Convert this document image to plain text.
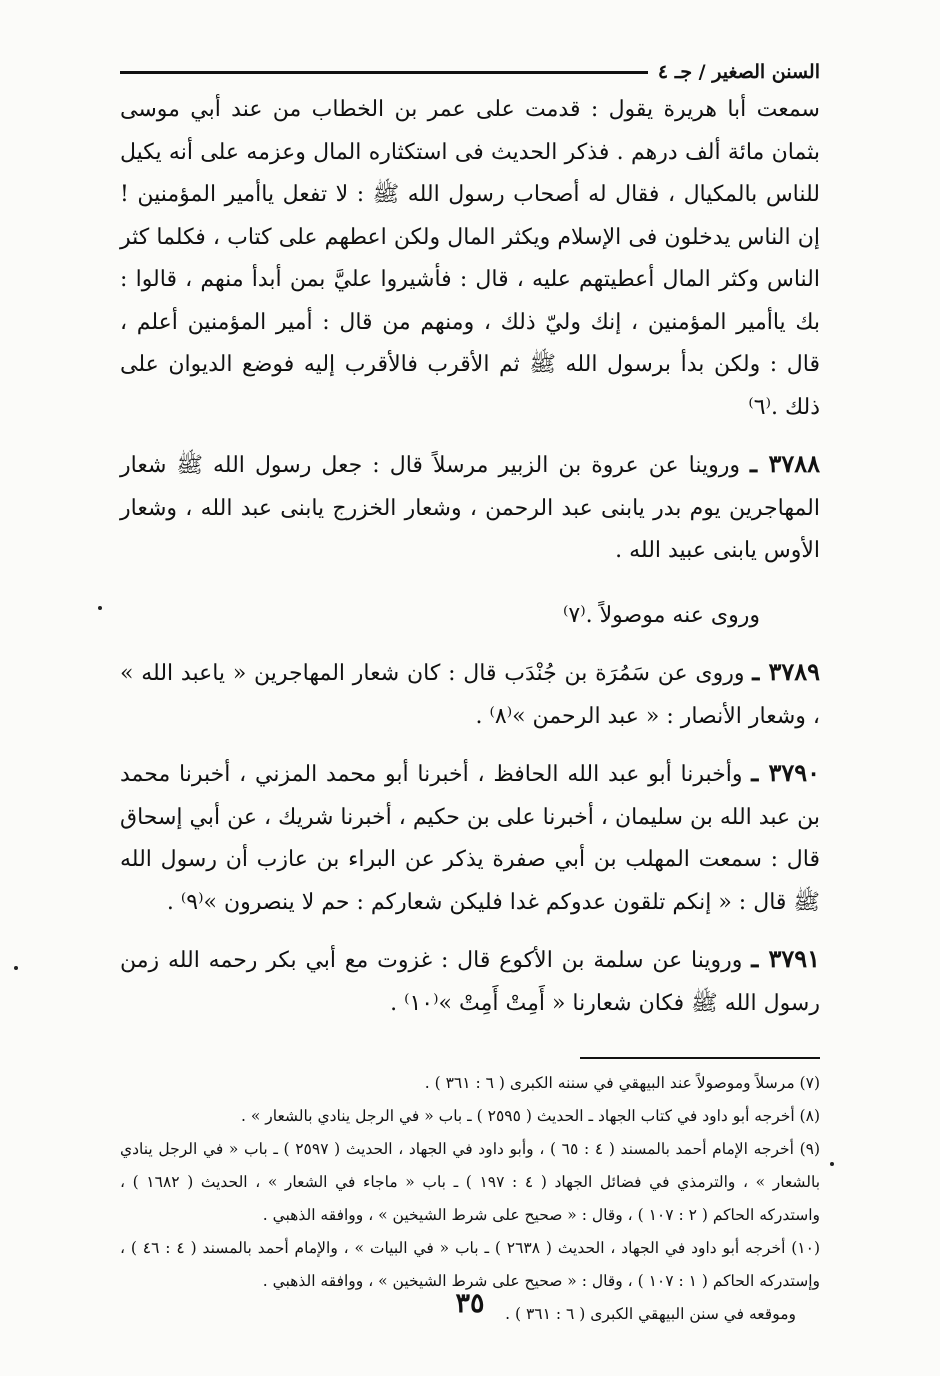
السنن الصغير / جـ ٤

سمعت أبا هريرة يقول : قدمت على عمر بن الخطاب من عند أبي موسى بثمان مائة ألف درهم . فذكر الحديث فى استكثاره المال وعزمه على أنه يكيل للناس بالمكيال ، فقال له أصحاب رسول الله ﷺ : لا تفعل ياأمير المؤمنين ! إن الناس يدخلون فى الإسلام ويكثر المال ولكن اعطهم على كتاب ، فكلما كثر الناس وكثر المال أعطيتهم عليه ، قال : فأشيروا عليَّ بمن أبدأ منهم ، قالوا : بك ياأمير المؤمنين ، إنك وليّ ذلك ، ومنهم من قال : أمير المؤمنين أعلم ، قال : ولكن بدأ برسول الله ﷺ ثم الأقرب فالأقرب إليه فوضع الديوان على ذلك .⁽٦⁾

٣٧٨٨ ـ وروينا عن عروة بن الزبير مرسلاً قال : جعل رسول الله ﷺ شعار المهاجرين يوم بدر يابنى عبد الرحمن ، وشعار الخزرج يابنى عبد الله ، وشعار الأوس يابنى عبيد الله .

وروى عنه موصولاً .⁽٧⁾

٣٧٨٩ ـ وروى عن سَمُرَة بن جُنْدَب قال : كان شعار المهاجرين « ياعبد الله » ، وشعار الأنصار : « عبد الرحمن »⁽٨⁾ .

٣٧٩٠ ـ وأخبرنا أبو عبد الله الحافظ ، أخبرنا أبو محمد المزني ، أخبرنا محمد بن عبد الله بن سليمان ، أخبرنا على بن حكيم ، أخبرنا شريك ، عن أبي إسحاق قال : سمعت المهلب بن أبي صفرة يذكر عن البراء بن عازب أن رسول الله ﷺ قال : « إنكم تلقون عدوكم غدا فليكن شعاركم : حم لا ينصرون »⁽٩⁾ .

٣٧٩١ ـ وروينا عن سلمة بن الأكوع قال : غزوت مع أبي بكر رحمه الله زمن رسول الله ﷺ فكان شعارنا « أَمِتْ أَمِتْ »⁽١٠⁾ .

(٧) مرسلاً وموصولاً عند البيهقي في سننه الكبرى ( ٦ : ٣٦١ ) .

(٨) أخرجه أبو داود في كتاب الجهاد ـ الحديث ( ٢٥٩٥ ) ـ باب « في الرجل ينادي بالشعار » .

(٩) أخرجه الإمام أحمد بالمسند ( ٤ : ٦٥ ) ، وأبو داود في الجهاد ، الحديث ( ٢٥٩٧ ) ـ باب « في الرجل ينادي بالشعار » ، والترمذي في فضائل الجهاد ( ٤ : ١٩٧ ) ـ باب « ماجاء في الشعار » ، الحديث ( ١٦٨٢ ) ، واستدركه الحاكم ( ٢ : ١٠٧ ) ، وقال : « صحيح على شرط الشيخين » ، ووافقه الذهبي .

(١٠) أخرجه أبو داود في الجهاد ، الحديث ( ٢٦٣٨ ) ـ باب « في البيات » ، والإمام أحمد بالمسند ( ٤ : ٤٦ ) ، وإستدركه الحاكم ( ١ : ١٠٧ ) ، وقال : « صحيح على شرط الشيخين » ، ووافقه الذهبي .

وموقعه في سنن البيهقي الكبرى ( ٦ : ٣٦١ ) .

٣٥
